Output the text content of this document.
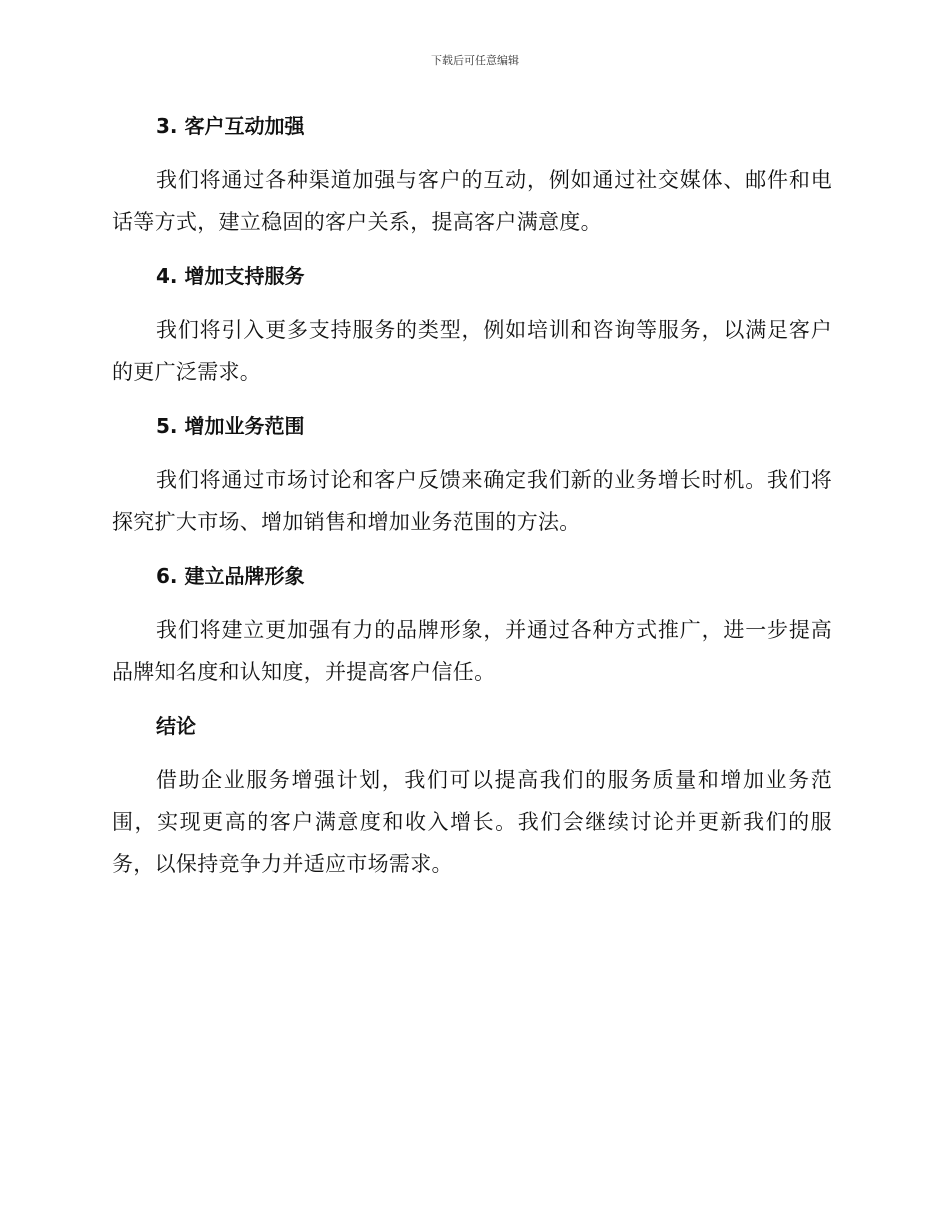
下载后可任意编辑
3. 客户互动加强

我们将通过各种渠道加强与客户的互动，例如通过社交媒体、邮件和电话等方式，建立稳固的客户关系，提高客户满意度。

4. 增加支持服务

我们将引入更多支持服务的类型，例如培训和咨询等服务，以满足客户的更广泛需求。

5. 增加业务范围

我们将通过市场讨论和客户反馈来确定我们新的业务增长时机。我们将探究扩大市场、增加销售和增加业务范围的方法。

6. 建立品牌形象

我们将建立更加强有力的品牌形象，并通过各种方式推广，进一步提高品牌知名度和认知度，并提高客户信任。

结论

借助企业服务增强计划，我们可以提高我们的服务质量和增加业务范围，实现更高的客户满意度和收入增长。我们会继续讨论并更新我们的服务，以保持竞争力并适应市场需求。
